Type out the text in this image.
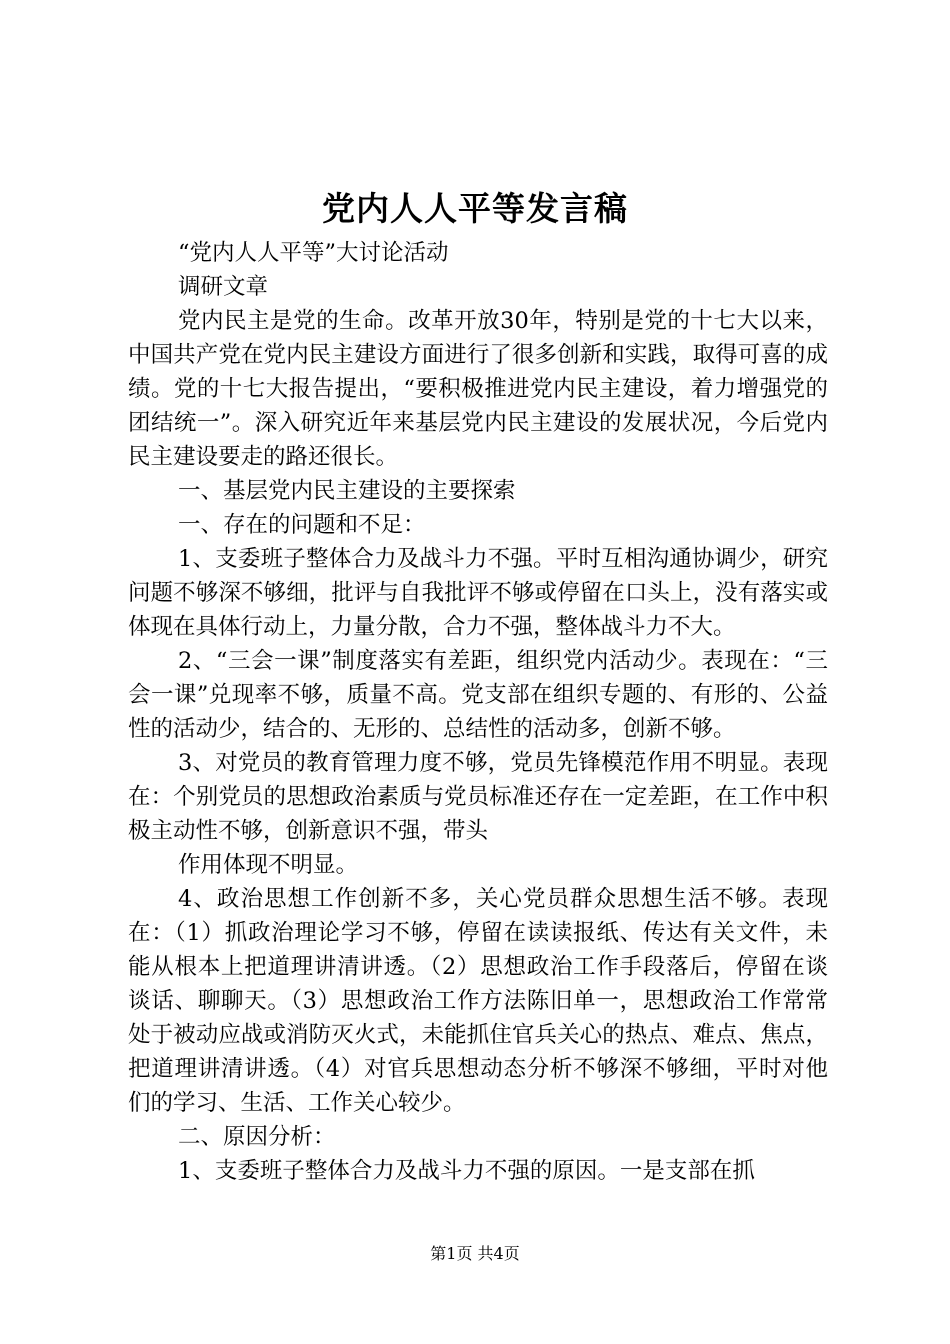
党内人人平等发言稿

“党内人人平等”大讨论活动

调研文章

党内民主是党的生命。改革开放30年，特别是党的十七大以来，中国共产党在党内民主建设方面进行了很多创新和实践，取得可喜的成绩。党的十七大报告提出，“要积极推进党内民主建设，着力增强党的团结统一”。深入研究近年来基层党内民主建设的发展状况，今后党内民主建设要走的路还很长。

一、基层党内民主建设的主要探索

一、存在的问题和不足：

1、支委班子整体合力及战斗力不强。平时互相沟通协调少，研究问题不够深不够细，批评与自我批评不够或停留在口头上，没有落实或体现在具体行动上，力量分散，合力不强，整体战斗力不大。

2、“三会一课”制度落实有差距，组织党内活动少。表现在：“三会一课”兑现率不够，质量不高。党支部在组织专题的、有形的、公益性的活动少，结合的、无形的、总结性的活动多，创新不够。

3、对党员的教育管理力度不够，党员先锋模范作用不明显。表现在：个别党员的思想政治素质与党员标准还存在一定差距，在工作中积极主动性不够，创新意识不强，带头

作用体现不明显。

4、政治思想工作创新不多，关心党员群众思想生活不够。表现在：（1）抓政治理论学习不够，停留在读读报纸、传达有关文件，未能从根本上把道理讲清讲透。（2）思想政治工作手段落后，停留在谈谈话、聊聊天。（3）思想政治工作方法陈旧单一，思想政治工作常常处于被动应战或消防灭火式，未能抓住官兵关心的热点、难点、焦点，把道理讲清讲透。（4）对官兵思想动态分析不够深不够细，平时对他们的学习、生活、工作关心较少。

二、原因分析：

1、支委班子整体合力及战斗力不强的原因。一是支部在抓

第1页 共4页
